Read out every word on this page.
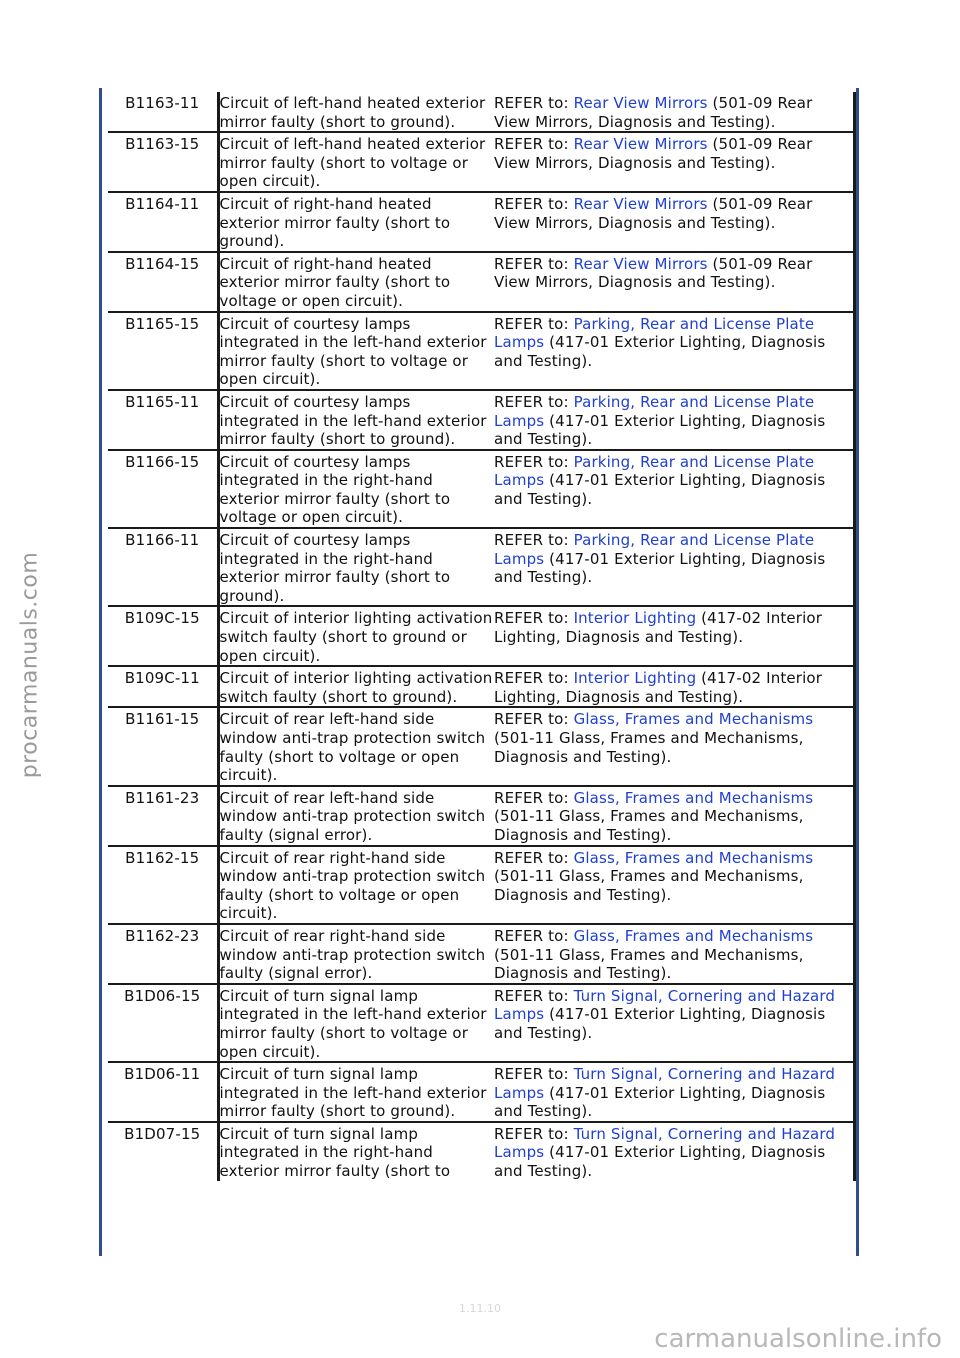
B1163-11	Circuit of left-hand heated exterior mirror faulty (short to ground).	REFER to: Rear View Mirrors (501-09 Rear View Mirrors, Diagnosis and Testing).
B1163-15	Circuit of left-hand heated exterior mirror faulty (short to voltage or open circuit).	REFER to: Rear View Mirrors (501-09 Rear View Mirrors, Diagnosis and Testing).
B1164-11	Circuit of right-hand heated exterior mirror faulty (short to ground).	REFER to: Rear View Mirrors (501-09 Rear View Mirrors, Diagnosis and Testing).
B1164-15	Circuit of right-hand heated exterior mirror faulty (short to voltage or open circuit).	REFER to: Rear View Mirrors (501-09 Rear View Mirrors, Diagnosis and Testing).
B1165-15	Circuit of courtesy lamps integrated in the left-hand exterior mirror faulty (short to voltage or open circuit).	REFER to: Parking, Rear and License Plate Lamps (417-01 Exterior Lighting, Diagnosis and Testing).
B1165-11	Circuit of courtesy lamps integrated in the left-hand exterior mirror faulty (short to ground).	REFER to: Parking, Rear and License Plate Lamps (417-01 Exterior Lighting, Diagnosis and Testing).
B1166-15	Circuit of courtesy lamps integrated in the right-hand exterior mirror faulty (short to voltage or open circuit).	REFER to: Parking, Rear and License Plate Lamps (417-01 Exterior Lighting, Diagnosis and Testing).
B1166-11	Circuit of courtesy lamps integrated in the right-hand exterior mirror faulty (short to ground).	REFER to: Parking, Rear and License Plate Lamps (417-01 Exterior Lighting, Diagnosis and Testing).
B109C-15	Circuit of interior lighting activation switch faulty (short to ground or open circuit).	REFER to: Interior Lighting (417-02 Interior Lighting, Diagnosis and Testing).
B109C-11	Circuit of interior lighting activation switch faulty (short to ground).	REFER to: Interior Lighting (417-02 Interior Lighting, Diagnosis and Testing).
B1161-15	Circuit of rear left-hand side window anti-trap protection switch faulty (short to voltage or open circuit).	REFER to: Glass, Frames and Mechanisms (501-11 Glass, Frames and Mechanisms, Diagnosis and Testing).
B1161-23	Circuit of rear left-hand side window anti-trap protection switch faulty (signal error).	REFER to: Glass, Frames and Mechanisms (501-11 Glass, Frames and Mechanisms, Diagnosis and Testing).
B1162-15	Circuit of rear right-hand side window anti-trap protection switch faulty (short to voltage or open circuit).	REFER to: Glass, Frames and Mechanisms (501-11 Glass, Frames and Mechanisms, Diagnosis and Testing).
B1162-23	Circuit of rear right-hand side window anti-trap protection switch faulty (signal error).	REFER to: Glass, Frames and Mechanisms (501-11 Glass, Frames and Mechanisms, Diagnosis and Testing).
B1D06-15	Circuit of turn signal lamp integrated in the left-hand exterior mirror faulty (short to voltage or open circuit).	REFER to: Turn Signal, Cornering and Hazard Lamps (417-01 Exterior Lighting, Diagnosis and Testing).
B1D06-11	Circuit of turn signal lamp integrated in the left-hand exterior mirror faulty (short to ground).	REFER to: Turn Signal, Cornering and Hazard Lamps (417-01 Exterior Lighting, Diagnosis and Testing).
B1D07-15	Circuit of turn signal lamp integrated in the right-hand exterior mirror faulty (short to	REFER to: Turn Signal, Cornering and Hazard Lamps (417-01 Exterior Lighting, Diagnosis and Testing).
procarmanuals.com
1.11.10
carmanualsonline.info
